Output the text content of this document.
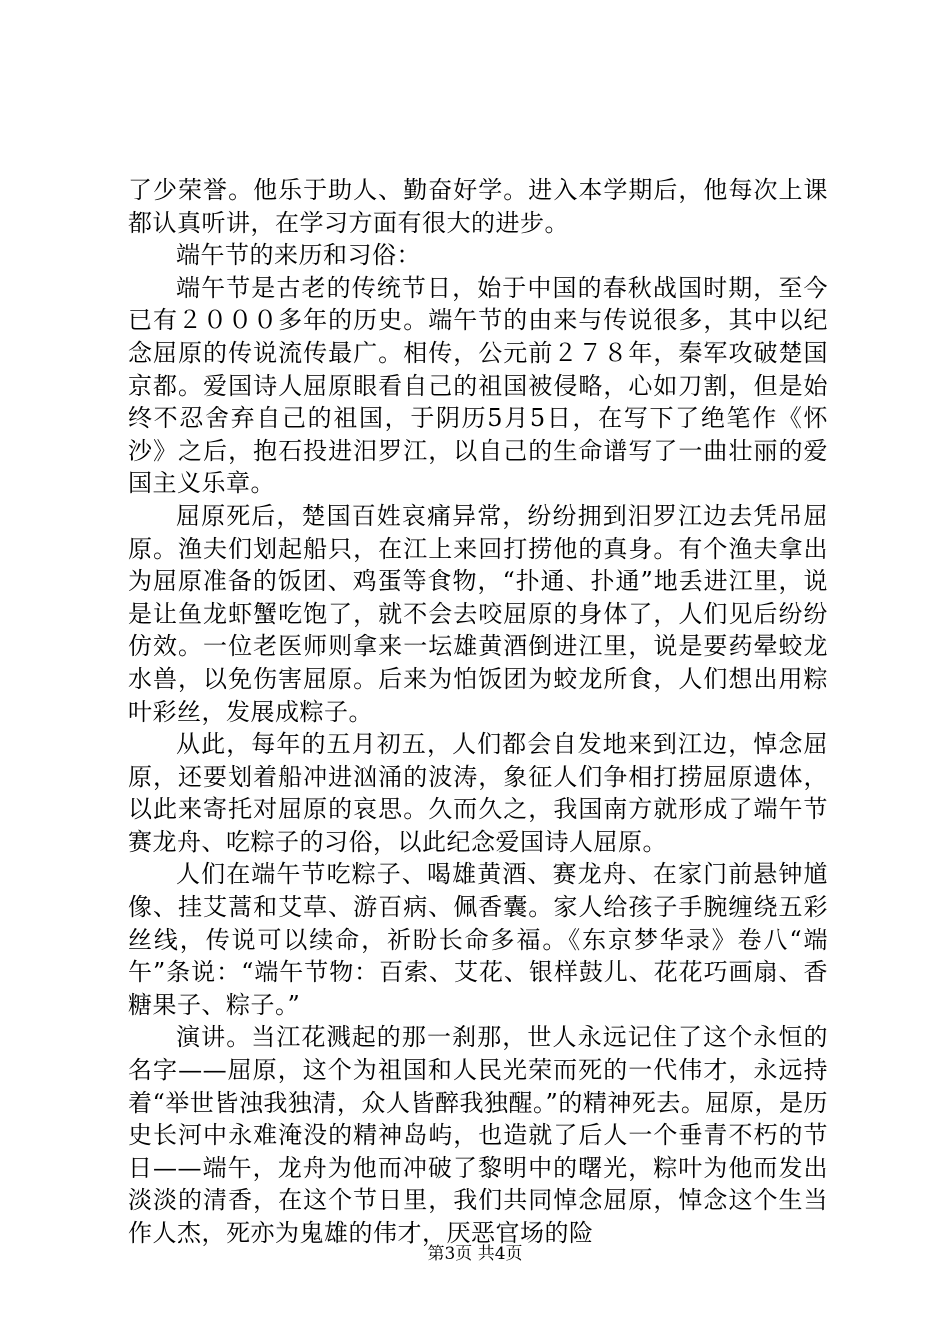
了少荣誉。他乐于助人、勤奋好学。进入本学期后，他每次上课都认真听讲，在学习方面有很大的进步。

端午节的来历和习俗：

端午节是古老的传统节日，始于中国的春秋战国时期，至今已有２０００多年的历史。端午节的由来与传说很多，其中以纪念屈原的传说流传最广。相传，公元前２７８年，秦军攻破楚国京都。爱国诗人屈原眼看自己的祖国被侵略，心如刀割，但是始终不忍舍弃自己的祖国，于阴历5月5日，在写下了绝笔作《怀沙》之后，抱石投进汨罗江，以自己的生命谱写了一曲壮丽的爱国主义乐章。

屈原死后，楚国百姓哀痛异常，纷纷拥到汨罗江边去凭吊屈原。渔夫们划起船只，在江上来回打捞他的真身。有个渔夫拿出为屈原准备的饭团、鸡蛋等食物，“扑通、扑通”地丢进江里，说是让鱼龙虾蟹吃饱了，就不会去咬屈原的身体了，人们见后纷纷仿效。一位老医师则拿来一坛雄黄酒倒进江里，说是要药晕蛟龙水兽，以免伤害屈原。后来为怕饭团为蛟龙所食，人们想出用粽叶彩丝，发展成粽子。

从此，每年的五月初五，人们都会自发地来到江边，悼念屈原，还要划着船冲进汹涌的波涛，象征人们争相打捞屈原遗体，以此来寄托对屈原的哀思。久而久之，我国南方就形成了端午节赛龙舟、吃粽子的习俗，以此纪念爱国诗人屈原。

人们在端午节吃粽子、喝雄黄酒、赛龙舟、在家门前悬钟馗像、挂艾蒿和艾草、游百病、佩香囊。家人给孩子手腕缠绕五彩丝线，传说可以续命，祈盼长命多福。《东京梦华录》卷八“端午”条说：“端午节物：百索、艾花、银样鼓儿、花花巧画扇、香糖果子、粽子。”

演讲。当江花溅起的那一刹那，世人永远记住了这个永恒的名字——屈原，这个为祖国和人民光荣而死的一代伟才，永远持着“举世皆浊我独清，众人皆醉我独醒。”的精神死去。屈原，是历史长河中永难淹没的精神岛屿，也造就了后人一个垂青不朽的节日——端午，龙舟为他而冲破了黎明中的曙光，粽叶为他而发出淡淡的清香，在这个节日里，我们共同悼念屈原，悼念这个生当作人杰，死亦为鬼雄的伟才，厌恶官场的险

第3页 共4页
